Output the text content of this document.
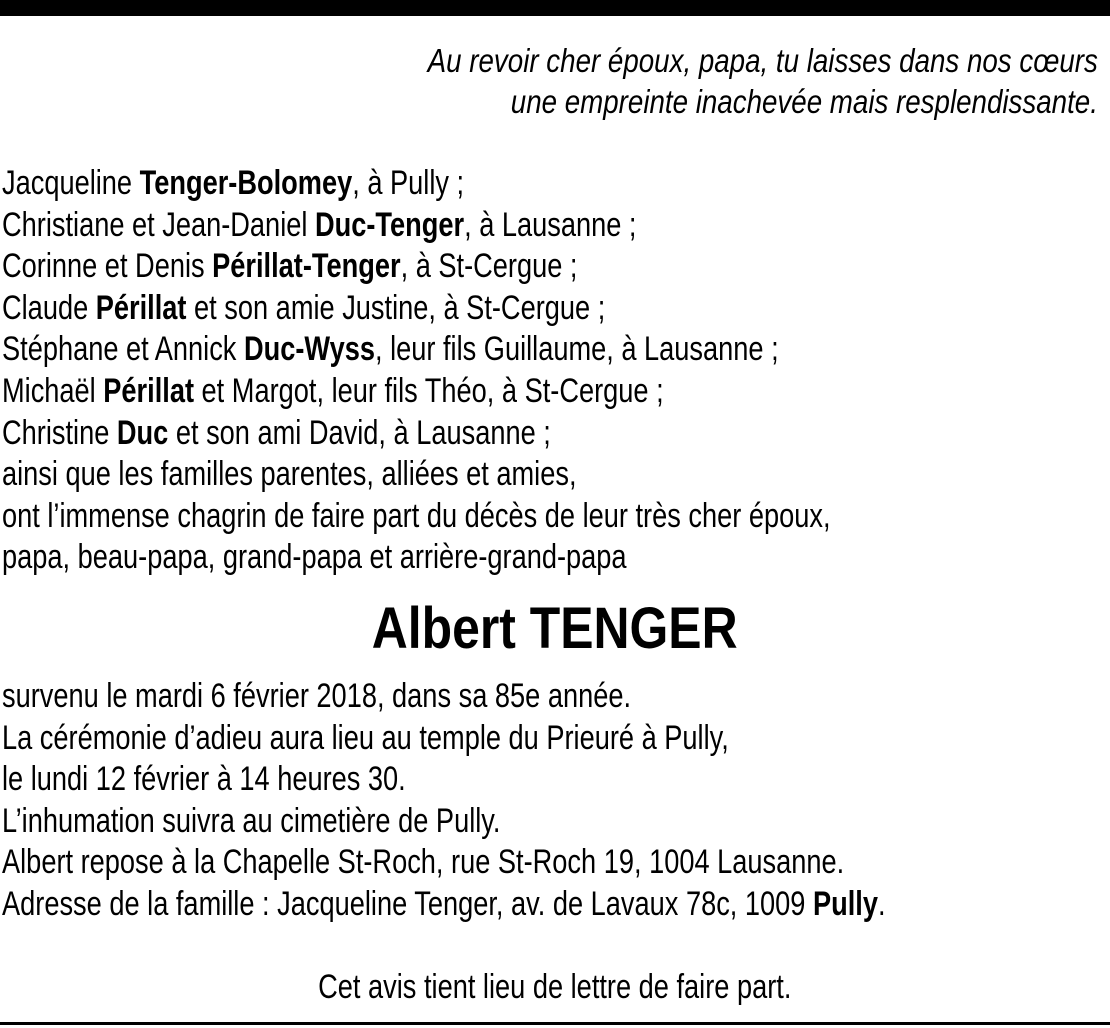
Au revoir cher époux, papa, tu laisses dans nos cœurs
une empreinte inachevée mais resplendissante.
Jacqueline Tenger-Bolomey, à Pully ;
Christiane et Jean-Daniel Duc-Tenger, à Lausanne ;
Corinne et Denis Périllat-Tenger, à St-Cergue ;
Claude Périllat et son amie Justine, à St-Cergue ;
Stéphane et Annick Duc-Wyss, leur fils Guillaume, à Lausanne ;
Michaël Périllat et Margot, leur fils Théo, à St-Cergue ;
Christine Duc et son ami David, à Lausanne ;
ainsi que les familles parentes, alliées et amies,
ont l’immense chagrin de faire part du décès de leur très cher époux,
papa, beau-papa, grand-papa et arrière-grand-papa
Albert TENGER
survenu le mardi 6 février 2018, dans sa 85e année.
La cérémonie d’adieu aura lieu au temple du Prieuré à Pully,
le lundi 12 février à 14 heures 30.
L’inhumation suivra au cimetière de Pully.
Albert repose à la Chapelle St-Roch, rue St-Roch 19, 1004 Lausanne.
Adresse de la famille : Jacqueline Tenger, av. de Lavaux 78c, 1009 Pully.
Cet avis tient lieu de lettre de faire part.
